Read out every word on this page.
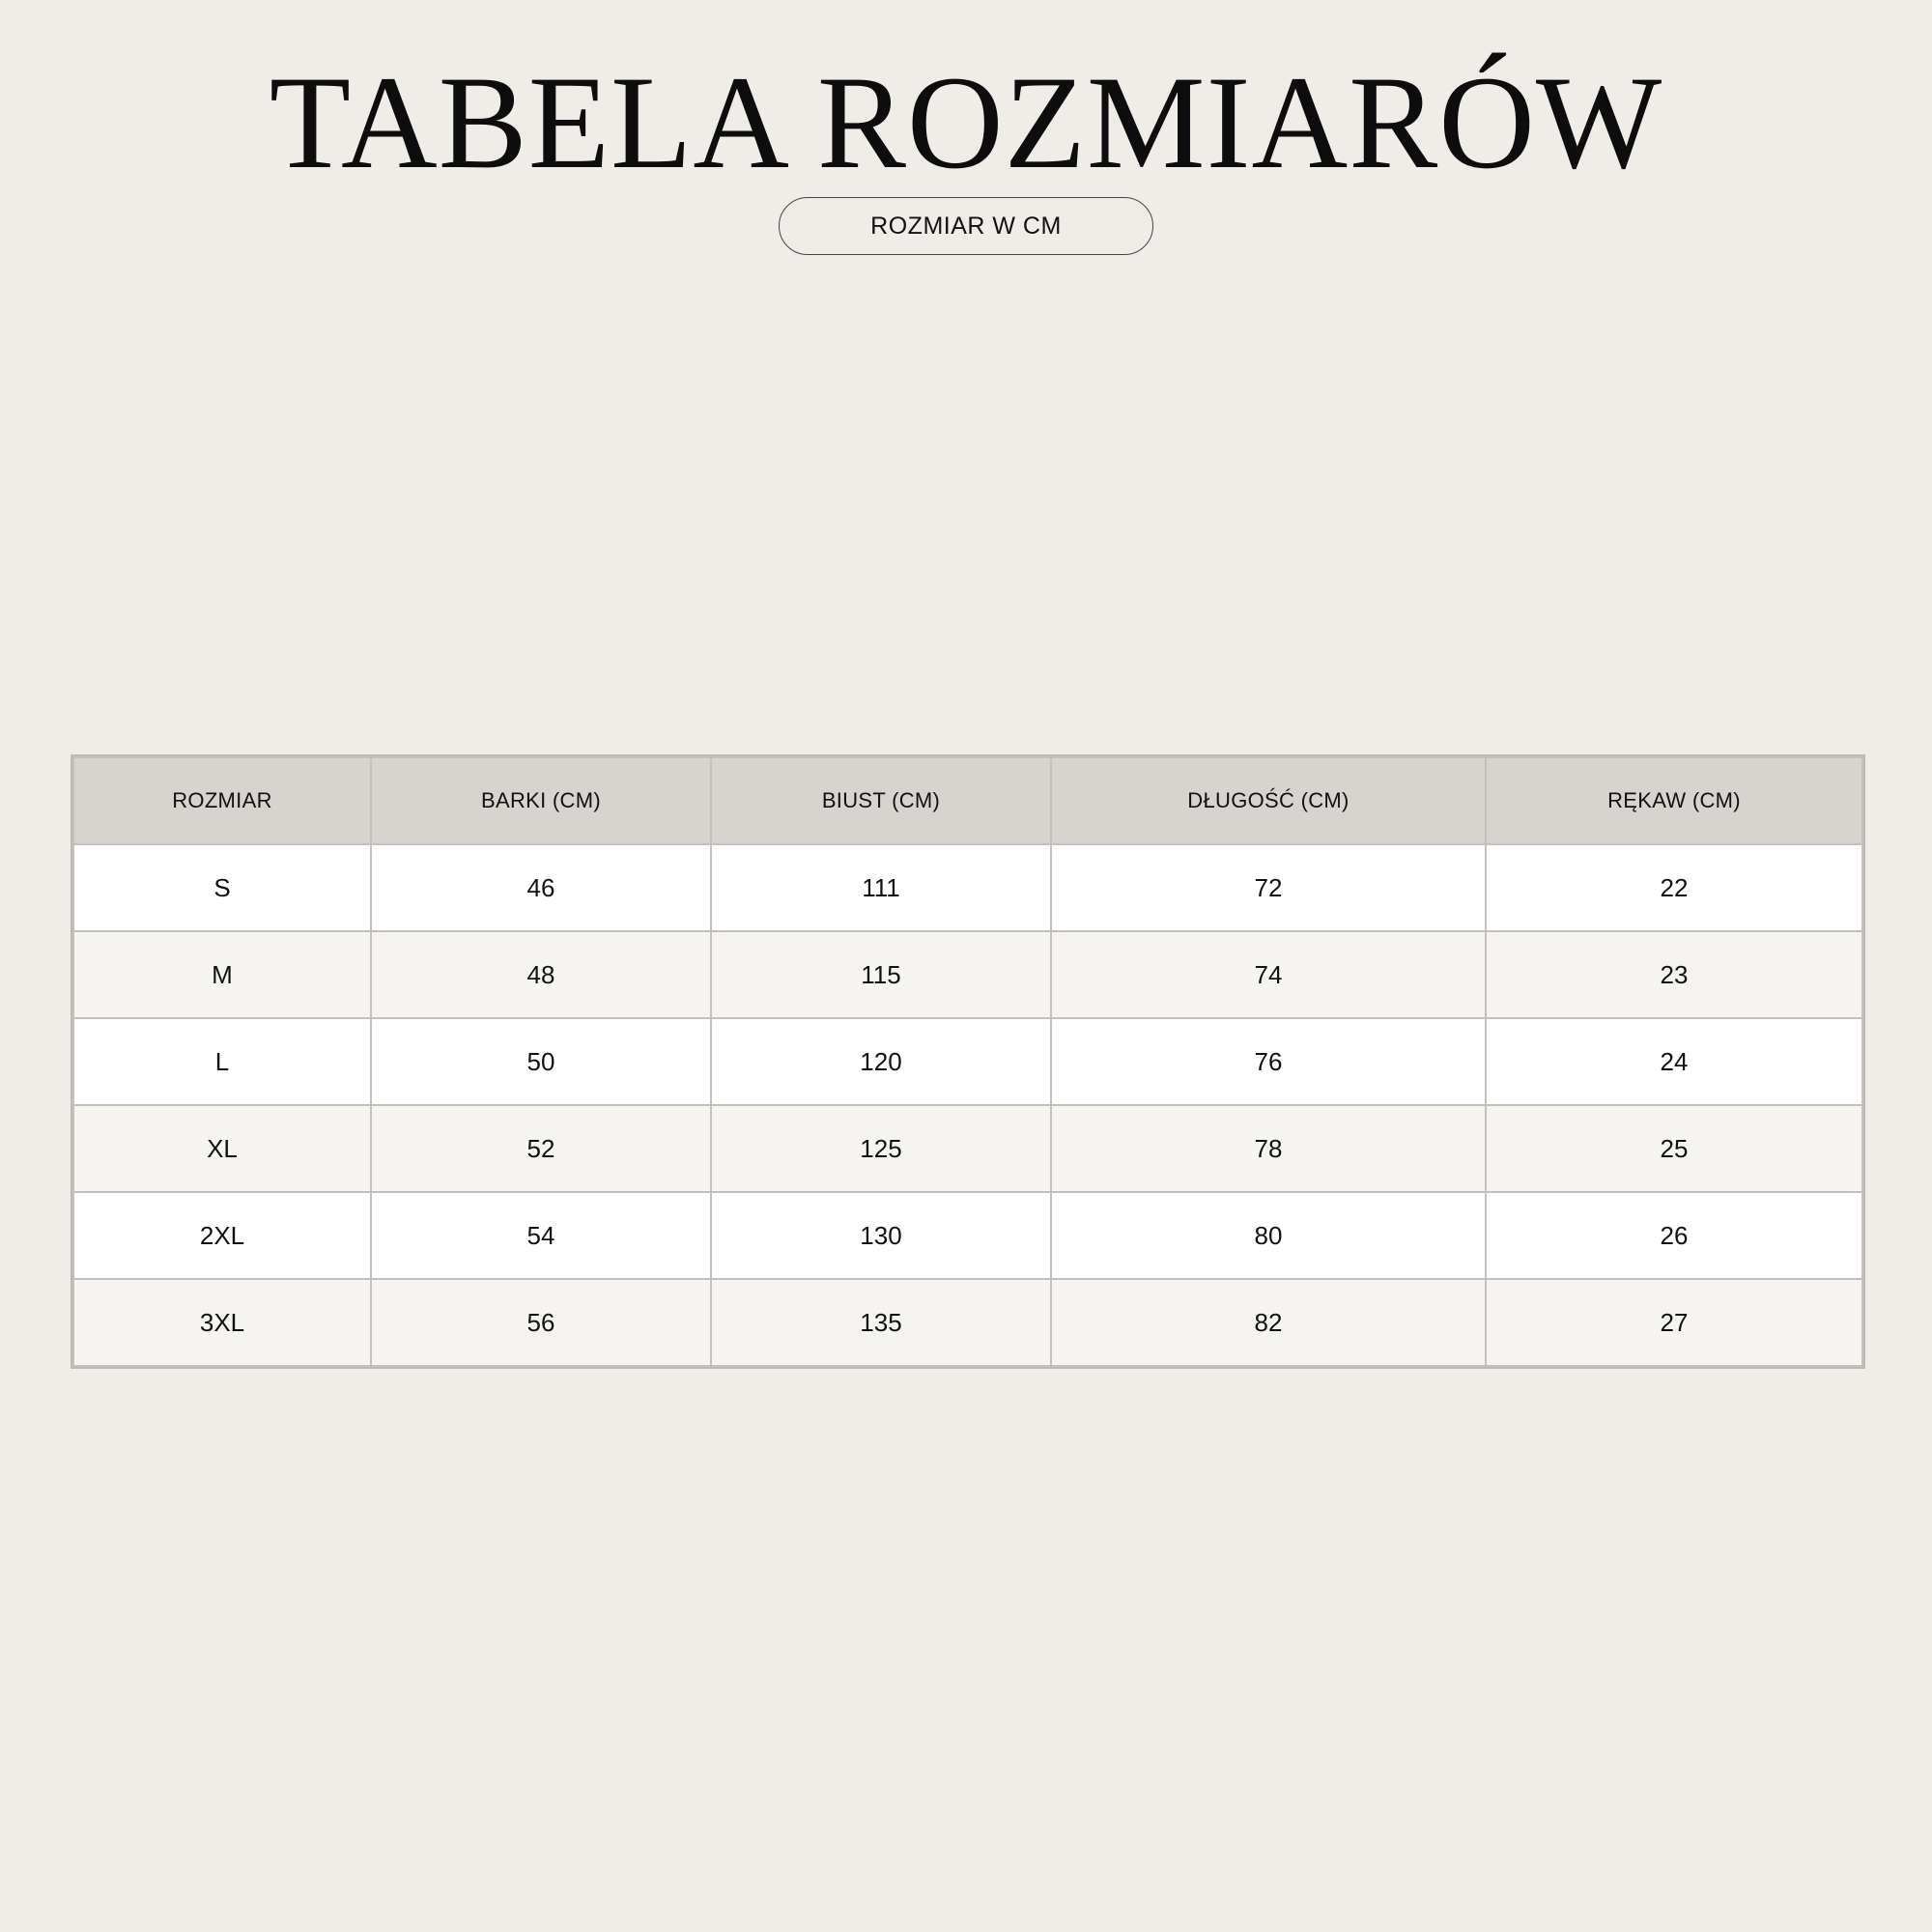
TABELA ROZMIARÓW
ROZMIAR W CM
ROZMIAR	BARKI (CM)	BIUST (CM)	DŁUGOŚĆ (CM)	RĘKAW (CM)
S	46	111	72	22
M	48	115	74	23
L	50	120	76	24
XL	52	125	78	25
2XL	54	130	80	26
3XL	56	135	82	27
